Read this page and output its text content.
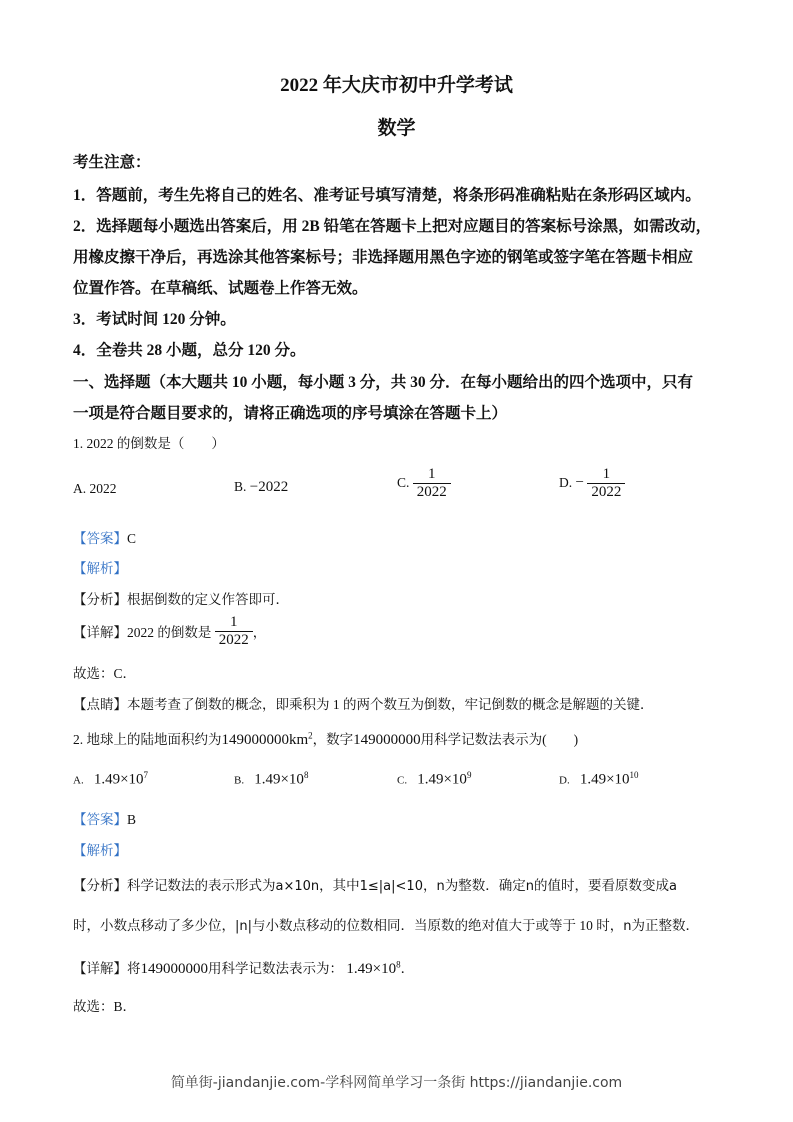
2022 年大庆市初中升学考试
数学
考生注意：
1．答题前，考生先将自己的姓名、准考证号填写清楚，将条形码准确粘贴在条形码区域内。
2．选择题每小题选出答案后，用 2B 铅笔在答题卡上把对应题目的答案标号涂黑，如需改动，
用橡皮擦干净后，再选涂其他答案标号；非选择题用黑色字迹的钢笔或签字笔在答题卡相应
位置作答。在草稿纸、试题卷上作答无效。
3．考试时间 120 分钟。
4．全卷共 28 小题，总分 120 分。
一、选择题（本大题共 10 小题，每小题 3 分，共 30 分．在每小题给出的四个选项中，只有
一项是符合题目要求的，请将正确选项的序号填涂在答题卡上）
1. 2022 的倒数是（　　）
A. 2022	B. −2022	C. $\frac{1}{2022}$	D. − $\frac{1}{2022}$
【答案】C
【解析】
【分析】根据倒数的定义作答即可．
【详解】2022 的倒数是 $\frac{1}{2022}$ ，
故选：C．
【点睛】本题考查了倒数的概念，即乘积为 1 的两个数互为倒数，牢记倒数的概念是解题的关键．
2. 地球上的陆地面积约为$149000000km^2$，数字149000000用科学记数法表示为(　　)
A. $1.49\times 10^7$	B. $1.49\times 10^8$	C. $1.49\times 10^9$	D. $1.49\times 10^{10}$
【答案】B
【解析】
【分析】科学记数法的表示形式为a×10n，其中1≤|a|<10，n为整数．确定n的值时，要看原数变成a
时，小数点移动了多少位，|n|与小数点移动的位数相同．当原数的绝对值大于或等于 10 时，n为正整数．
【详解】将149000000用科学记数法表示为： $1.49\times 10^8$．
故选：B．
简单街-jiandanjie.com-学科网简单学习一条街 https://jiandanjie.com
